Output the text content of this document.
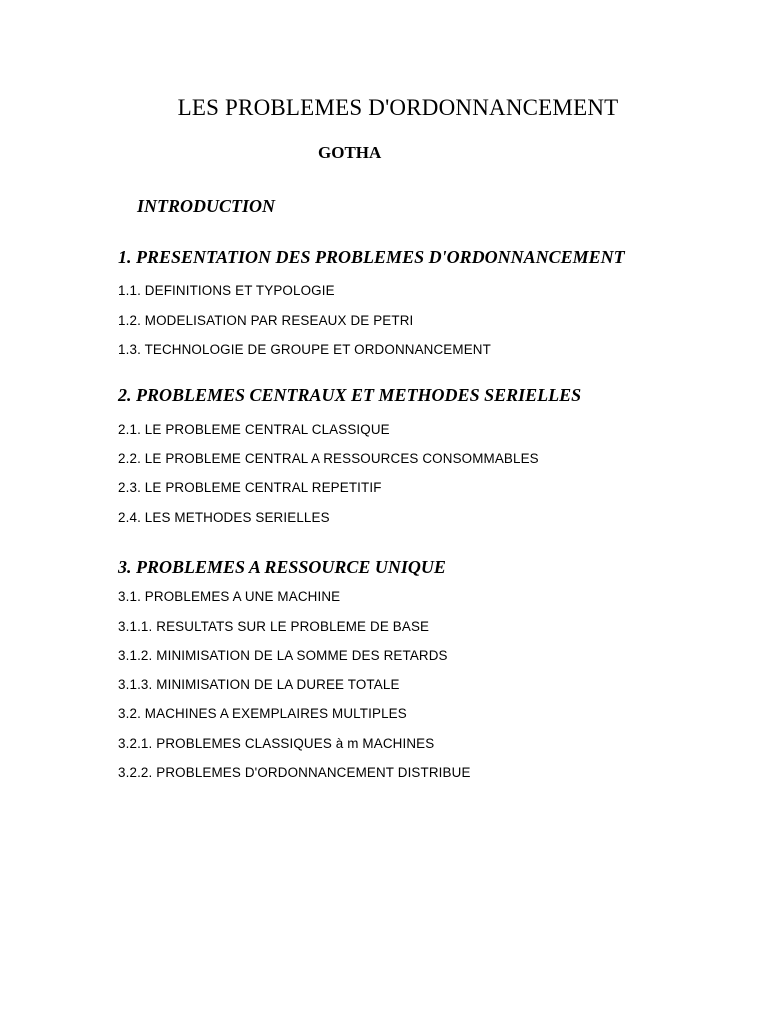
LES PROBLEMES D'ORDONNANCEMENT
GOTHA
INTRODUCTION
1. PRESENTATION DES PROBLEMES D'ORDONNANCEMENT
1.1. DEFINITIONS ET TYPOLOGIE
1.2. MODELISATION PAR RESEAUX DE PETRI
1.3. TECHNOLOGIE DE GROUPE ET ORDONNANCEMENT
2. PROBLEMES CENTRAUX ET METHODES SERIELLES
2.1. LE PROBLEME CENTRAL CLASSIQUE
2.2. LE PROBLEME CENTRAL A RESSOURCES CONSOMMABLES
2.3. LE PROBLEME CENTRAL REPETITIF
2.4. LES METHODES SERIELLES
3. PROBLEMES A RESSOURCE UNIQUE
3.1. PROBLEMES A UNE MACHINE
3.1.1. RESULTATS SUR LE PROBLEME DE BASE
3.1.2. MINIMISATION DE LA SOMME DES RETARDS
3.1.3. MINIMISATION DE LA DUREE TOTALE
3.2. MACHINES A EXEMPLAIRES MULTIPLES
3.2.1. PROBLEMES CLASSIQUES à m MACHINES
3.2.2. PROBLEMES D'ORDONNANCEMENT DISTRIBUE
